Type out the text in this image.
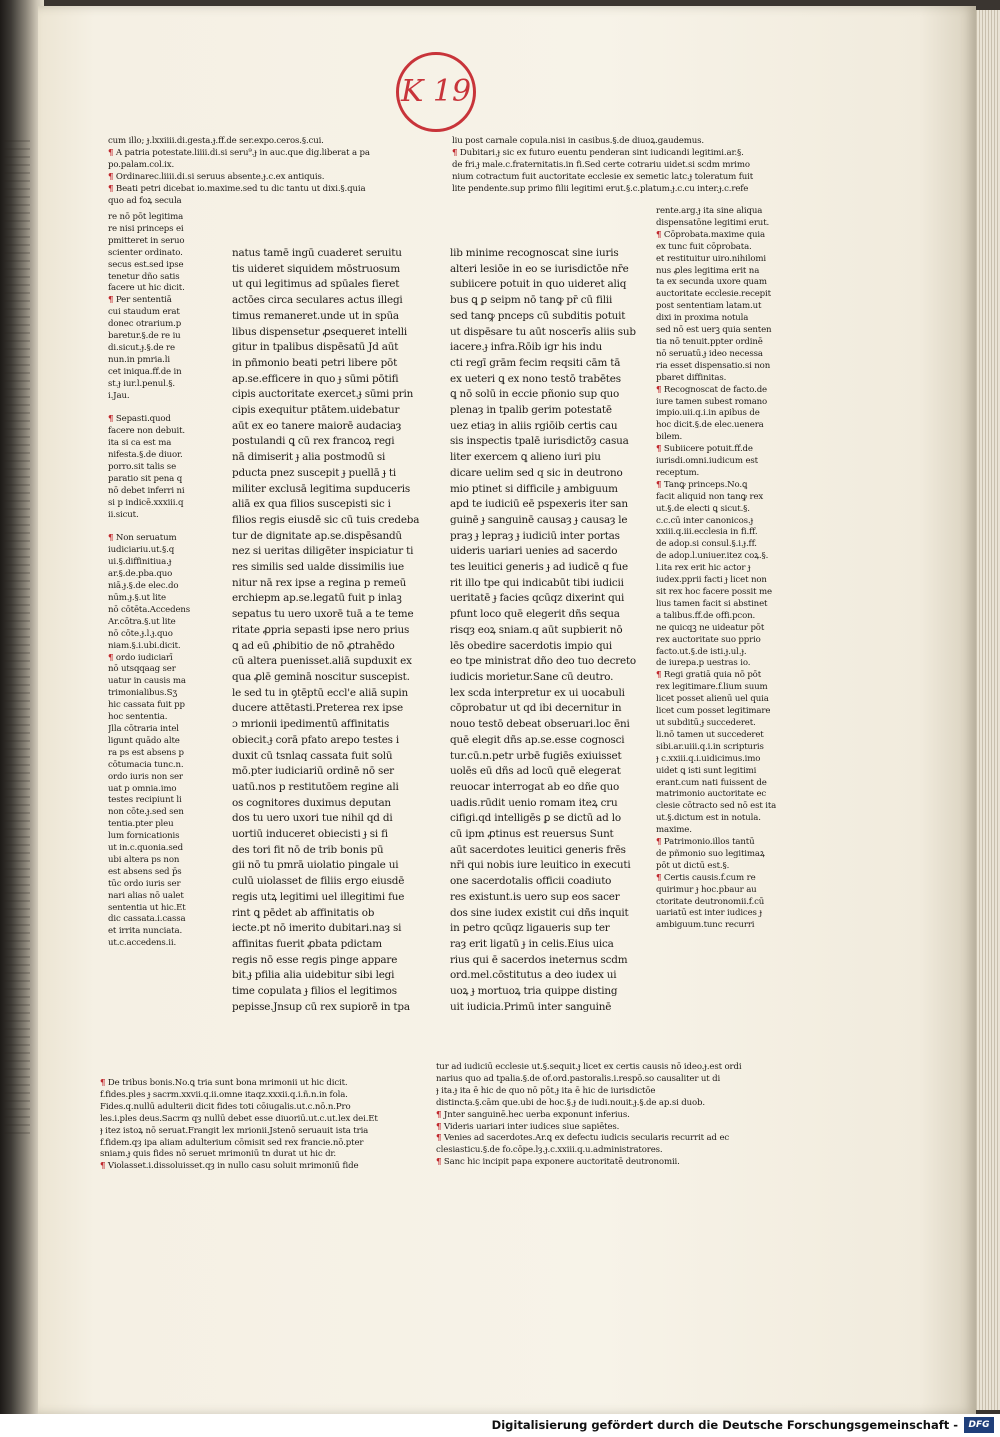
K 19
cum illo; ɟ.lxxiiii.di.gesta.ɟ.ff.de ser.expo.ceros.§.cui.
¶ A patria potestate.liiii.di.si seru⁹.ɟ in auc.que dig.liberat a pa
po.palam.col.ix.
¶ Ordinarec.liiii.di.si seruus absente.ɟ.c.ex antiquis.
¶ Beati petri dicebat io.maxime.sed tu dic tantu ut dixi.§.quia
quo ad foꝝ secula
liu post carnale copula.nisi in casibus.§.de diuoꝝ.gaudemus.
¶ Dubitari.ɟ sic ex futuro euentu penderan sint iudicandi legitimi.ar.§.
de fri.ɟ male.c.fraternitatis.in fi.Sed certe cotrariu uidet.si scdm mrimo
nium cotractum fuit auctoritate ecclesie ex semetic latc.ɟ toleratum fuit
lite pendente.sup primo filii legitimi erut.§.c.platum.ɟ.c.cu inter.ɟ.c.refe
re nō pōt legitima
re nisi princeps ei
pmitteret in seruo
scienter ordinato.
secus est.sed ipse
tenetur dño satis
facere ut hic dicit.
¶ Per sententiā
cui staudum erat
donec otrarium.p
baretur.§.de re iu
di.sicut.ɟ.§.de re
nun.in pmria.li
cet iniqua.ff.de in
st.ɟ iur.l.penul.§.
i.Jau.

¶ Sepasti.quod
facere non debuit.
ita si ca est ma
nifesta.§.de diuor.
porro.sit talis se
paratio sit pena q
nō debet inferri ni
si p indicē.xxxiii.q
ii.sicut.

¶ Non seruatum
iudiciariu.ut.§.q
ui.§.diffinitiua.ɟ
ar.§.de.pba.quo
niā.ɟ.§.de elec.do
nūm.ɟ.§.ut lite
nō cōtēta.Accedens
Ar.cōtra.§.ut lite
nō cōte.ɟ.l.ɟ.quo
niam.§.i.ubi.dicit.
¶ ordo iudiciarī
nō utsqqaag ser
uatur in causis ma
trimonialibus.Sʒ
hic cassata fuit pp
hoc sententia.
Jlla cōtraria intel
ligunt quādo alte
ra ps est absens p
cōtumacia tunc.n.
ordo iuris non ser
uat p omnia.imo
testes recipiunt li
non cōte.ɟ.sed sen
tentia.pter pleu
lum fornicationis
ut in.c.quonia.sed
ubi altera ps non
est absens sed p̄s
tūc ordo iuris ser
nari alias nō ualet
sententia ut hic.Et
dic cassata.i.cassa
et irrita nunciata.
ut.c.accedens.ii.
natus tamē ingū cuaderet seruitu
tis uideret siquidem mōstruosum
ut qui legitimus ad spūales fieret
actōes circa seculares actus illegi
timus remaneret.unde ut in spūa
libus dispensetur ꝓsequeret intelli
gitur in tpalibus dispēsatū Jd aūt
in pñmonio beati petri libere pōt
ap.se.efficere in quo ɟ sūmi pōtifi
cipis auctoritate exercet.ɟ sūmi prin
cipis exequitur ptātem.uidebatur
aūt ex eo tanere maiorē audaciaȝ
postulandi ꝗ cū rex francoꝝ regi
nā dimiserit ɟ alia postmodū si
pducta pnez suscepit ɟ puellā ɟ ti
militer exclusā legitima supduceris
aliā ex qua filios suscepisti sic i
filios regis eiusdē sic cū tuis credeba
tur de dignitate ap.se.dispēsandū
nez si ueritas diligēter inspiciatur ti
res similis sed ualde dissimilis iue
nitur nā rex ipse a regina p remeū
erchiepm ap.se.legatū fuit p inlaꝫ
sepatus tu uero uxorē tuā a te teme
ritate ꝓpria sepasti ipse nero prius
ꝗ ad eū ꝓhibitio de nō ꝓtrahēdo
cū altera puenisset.aliā supduxit ex
qua ꝓlē geminā noscitur suscepist.
le sed tu in ꝯtēptū eccl'e aliā supin
ducere attētasti.Preterea rex ipse
ɔ mrionii ipedimentū affinitatis
obiecit.ɟ corā pfato arepo testes i
duxit cū tsnlaq cassata fuit solū
mō.pter iudiciariū ordinē nō ser
uatū.nos p restitutōem regine ali
os cognitores duximus deputan
dos tu uero uxori tue nihil qd di
uortiū induceret obiecisti ɟ si fi
des tori fit nō de trib bonis pū
gii nō tu pmrā uiolatio pingale ui
culū uiolasset de filiis ergo eiusdē
regis utꝝ legitimi uel illegitimi fue
rint ꝗ pēdet ab affinitatis ob
iecte.pt nō imerito dubitari.naȝ si
affinitas fuerit ꝓbata pdictam
regis nō esse regis pinge appare
bit.ɟ pfilia alia uidebitur sibi legi
time copulata ɟ filios el legitimos
pepisse.Jnsup cū rex supiorē in tpa
lib minime recognoscat sine iuris
alteri lesiōe in eo se iurisdictōe nr̄e
subiicere potuit in quo uideret aliq
bus ꝗ ꝑ seipm nō tanꝙ pr̄ cū filii
sed tanꝙ pnceps cū subditis potuit
ut dispēsare tu aūt noscerīs aliis sub
iacere.ɟ infra.Rōib igr his indu
cti regī grām fecim reqsiti cām tā
ex ueteri ꝗ ex nono testō trabētes
ꝗ nō solū in eccie pñonio sup quo
plenaȝ in tpalib gerim potestatē
uez etiaȝ in aliis rgiōib certis cau
sis inspectis tpalē iurisdictōȝ casua
liter exercem ꝗ alieno iuri piu
dicare uelim sed q sic in deutrono
mio ptinet si difficile ɟ ambiguum
apd te iudiciū eē pspexeris iter san
guinē ɟ sanguinē causaȝ ɟ causaȝ le
praȝ ɟ lepraȝ ɟ iudiciū inter portas
uideris uariari uenies ad sacerdo
tes leuitici generis ɟ ad iudicē q fue
rit illo tpe qui indicabūt tibi iudicii
ueritatē ɟ facies qcūqz dixerint qui
pfunt loco quē elegerit dñs sequa
risqȝ eoꝝ sniam.q aūt supbierit nō
lēs obedire sacerdotis impio qui
eo tpe ministrat dño deo tuo decreto
iudicis morietur.Sane cū deutro.
lex scda interpretur ex ui uocabuli
cōprobatur ut qd ibi decernitur in
nouo testō debeat obseruari.loc ēni
quē elegit dñs ap.se.esse cognosci
tur.cū.n.petr urbē fugiēs exiuisset
uolēs eū dñs ad locū quē elegerat
reuocar interrogat ab eo dñe quo
uadis.rūdit uenio romam iteꝝ cru
cifigi.qd intelligēs ꝑ se dictū ad lo
cū ipm ꝓtinus est reuersus Sunt
aūt sacerdotes leuitici generis frēs
nr̄i qui nobis iure leuitico in executi
one sacerdotalis officii coadiuto
res existunt.is uero sup eos sacer
dos sine iudex existit cui dñs inquit
in petro qcūqz ligaueris sup ter
raȝ erit ligatū ɟ in celis.Eius uica
rius qui ē sacerdos ineternus scdm
ord.mel.cōstitutus a deo iudex ui
uoꝝ ɟ mortuoꝝ tria quippe disting
uit iudicia.Primū inter sanguinē
rente.arg.ɟ ita sine aliqua
dispensatōne legitimi erut.
¶ Cōprobata.maxime quia
ex tunc fuit cōprobata.
et restituitur uiro.nihilomi
nus ꝓles legitima erit na
ta ex secunda uxore quam
auctoritate ecclesie.recepit
post sententiam latam.ut
dixi in proxima notula
sed nō est uerꝫ quia senten
tia nō tenuit.ppter ordinē
nō seruatū.ɟ ideo necessa
ria esset dispensatio.si non
pbaret diffinitas.
¶ Recognoscat de facto.de
iure tamen subest romano
impio.uii.q.i.in apibus de
hoc dicit.§.de elec.uenera
bilem.
¶ Subiicere potuit.ff.de
iurisdi.omni.iudicum est
receptum.
¶ Tanꝙ princeps.No.ꝗ
facit aliquid non tanꝙ rex
ut.§.de electi ꝗ sicut.§.
c.c.cū inter canonicos.ɟ
xxiii.q.iii.ecclesia in fi.ff.
de adop.si consul.§.i.ɟ.ff.
de adop.l.uniuer.itez coꝝ.§.
l.ita rex erit hic actor ɟ
iudex.pprii facti ɟ licet non
sit rex hoc facere possit me
lius tamen facit si abstinet
a talibus.ff.de offi.pcon.
ne quicqꝫ ne uideatur pōt
rex auctoritate suo pprio
facto.ut.§.de isti.ɟ.ul.ɟ.
de iurepa.p uestras io.
¶ Regi gratiā quia nō pōt
rex legitimare.f.lium suum
licet posset alienū uel quia
licet cum posset legitimare
ut subditū.ɟ succederet.
li.nō tamen ut succederet
sibi.ar.uiii.q.i.in scripturis
ɟ c.xxiii.q.i.uidicimus.imo
uidet ꝗ isti sunt legitimi
erant.cum nati fuissent de
matrimonio auctoritate ec
clesie cōtracto sed nō est ita
ut.§.dictum est in notula.
maxime.
¶ Patrimonio.illos tantū
de pñmonio suo legitimaꝝ
pōt ut dictū est.§.
¶ Certis causis.f.cum re
quirimur ɟ hoc.pbaur au
ctoritate deutronomii.f.cū
uariatū est inter iudices ɟ
ambiguum.tunc recurri
tur ad iudiciū ecclesie ut.§.sequit.ɟ licet ex certis causis nō ideo.ɟ.est ordi
narius quo ad tpalia.§.de of.ord.pastoralis.i.respō.so causaliter ut di
ɟ ita.ɟ ita ē hic de quo nō pōt.ɟ ita ē hic de iurisdictōe
distincta.§.cām que.ubi de hoc.§.ɟ de iudi.nouit.ɟ.§.de ap.si duob.
¶ Jnter sanguinē.hec uerba exponunt inferius.
¶ Videris uariari inter iudices siue sapiētes.
¶ Venies ad sacerdotes.Ar.ꝗ ex defectu iudicis secularis recurrit ad ec
clesiasticu.§.de fo.cōpe.lȝ.ɟ.c.xxiii.q.u.administratores.
¶ Sanc hic incipit papa exponere auctoritatē deutronomii.
¶ De tribus bonis.No.ꝗ tria sunt bona mrimonii ut hic dicit.
f.fides.ples ɟ sacrm.xxvii.q.ii.omne itaqz.xxxii.q.i.ñ.n.in fola.
Fides.q.nullū adulterii dicit fides toti cōiugalis.ut.c.nō.n.Pro
les.i.ples deus.Sacrm qȝ nullū debet esse diuoriū.ut.c.ut.lex dei.Et
ɟ itez istoꝝ nō seruat.Frangit lex mrionii.Jstenō seruauit ista tria
f.fidem.qȝ ipa aliam adulterium cōmisit sed rex francie.nō.pter
sniam.ɟ quis fides nō seruet mrimoniū tn durat ut hic dr.
¶ Violasset.i.dissoluisset.qȝ in nullo casu soluit mrimoniū fide
Digitalisierung gefördert durch die Deutsche Forschungsgemeinschaft -	DFG
